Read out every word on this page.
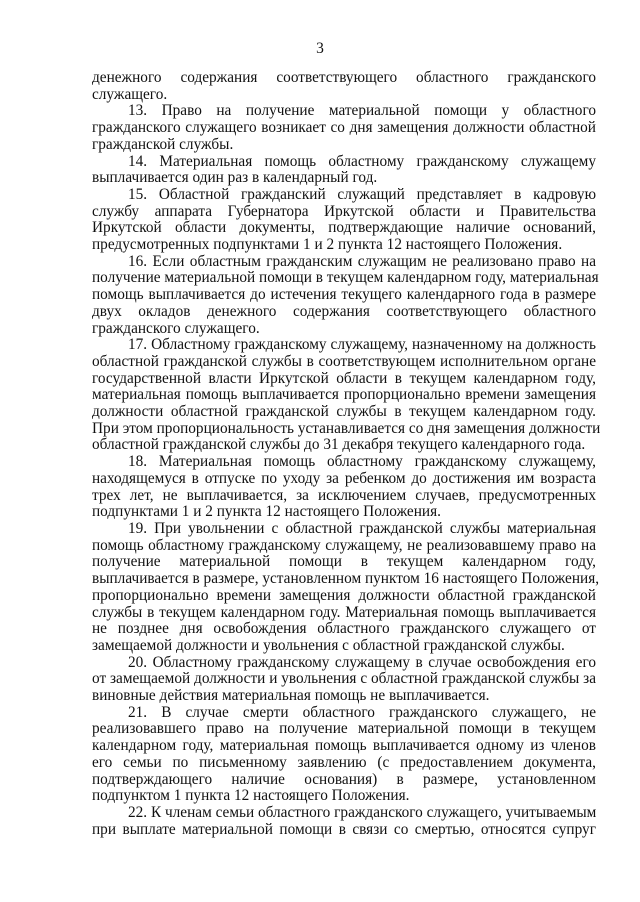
3
денежного содержания соответствующего областного гражданского
служащего.
13. Право на получение материальной помощи у областного
гражданского служащего возникает со дня замещения должности областной
гражданской службы.
14. Материальная помощь областному гражданскому служащему
выплачивается один раз в календарный год.
15. Областной гражданский служащий представляет в кадровую
службу аппарата Губернатора Иркутской области и Правительства
Иркутской области документы, подтверждающие наличие оснований,
предусмотренных подпунктами 1 и 2 пункта 12 настоящего Положения.
16. Если областным гражданским служащим не реализовано право на
получение материальной помощи в текущем календарном году, материальная
помощь выплачивается до истечения текущего календарного года в размере
двух окладов денежного содержания соответствующего областного
гражданского служащего.
17. Областному гражданскому служащему, назначенному на должность
областной гражданской службы в соответствующем исполнительном органе
государственной власти Иркутской области в текущем календарном году,
материальная помощь выплачивается пропорционально времени замещения
должности областной гражданской службы в текущем календарном году.
При этом пропорциональность устанавливается со дня замещения должности
областной гражданской службы до 31 декабря текущего календарного года.
18. Материальная помощь областному гражданскому служащему,
находящемуся в отпуске по уходу за ребенком до достижения им возраста
трех лет, не выплачивается, за исключением случаев, предусмотренных
подпунктами 1 и 2 пункта 12 настоящего Положения.
19. При увольнении с областной гражданской службы материальная
помощь областному гражданскому служащему, не реализовавшему право на
получение материальной помощи в текущем календарном году,
выплачивается в размере, установленном пунктом 16 настоящего Положения,
пропорционально времени замещения должности областной гражданской
службы в текущем календарном году. Материальная помощь выплачивается
не позднее дня освобождения областного гражданского служащего от
замещаемой должности и увольнения с областной гражданской службы.
20. Областному гражданскому служащему в случае освобождения его
от замещаемой должности и увольнения с областной гражданской службы за
виновные действия материальная помощь не выплачивается.
21. В случае смерти областного гражданского служащего, не
реализовавшего право на получение материальной помощи в текущем
календарном году, материальная помощь выплачивается одному из членов
его семьи по письменному заявлению (с предоставлением документа,
подтверждающего наличие основания) в размере, установленном
подпунктом 1 пункта 12 настоящего Положения.
22. К членам семьи областного гражданского служащего, учитываемым
при выплате материальной помощи в связи со смертью, относятся супруг
